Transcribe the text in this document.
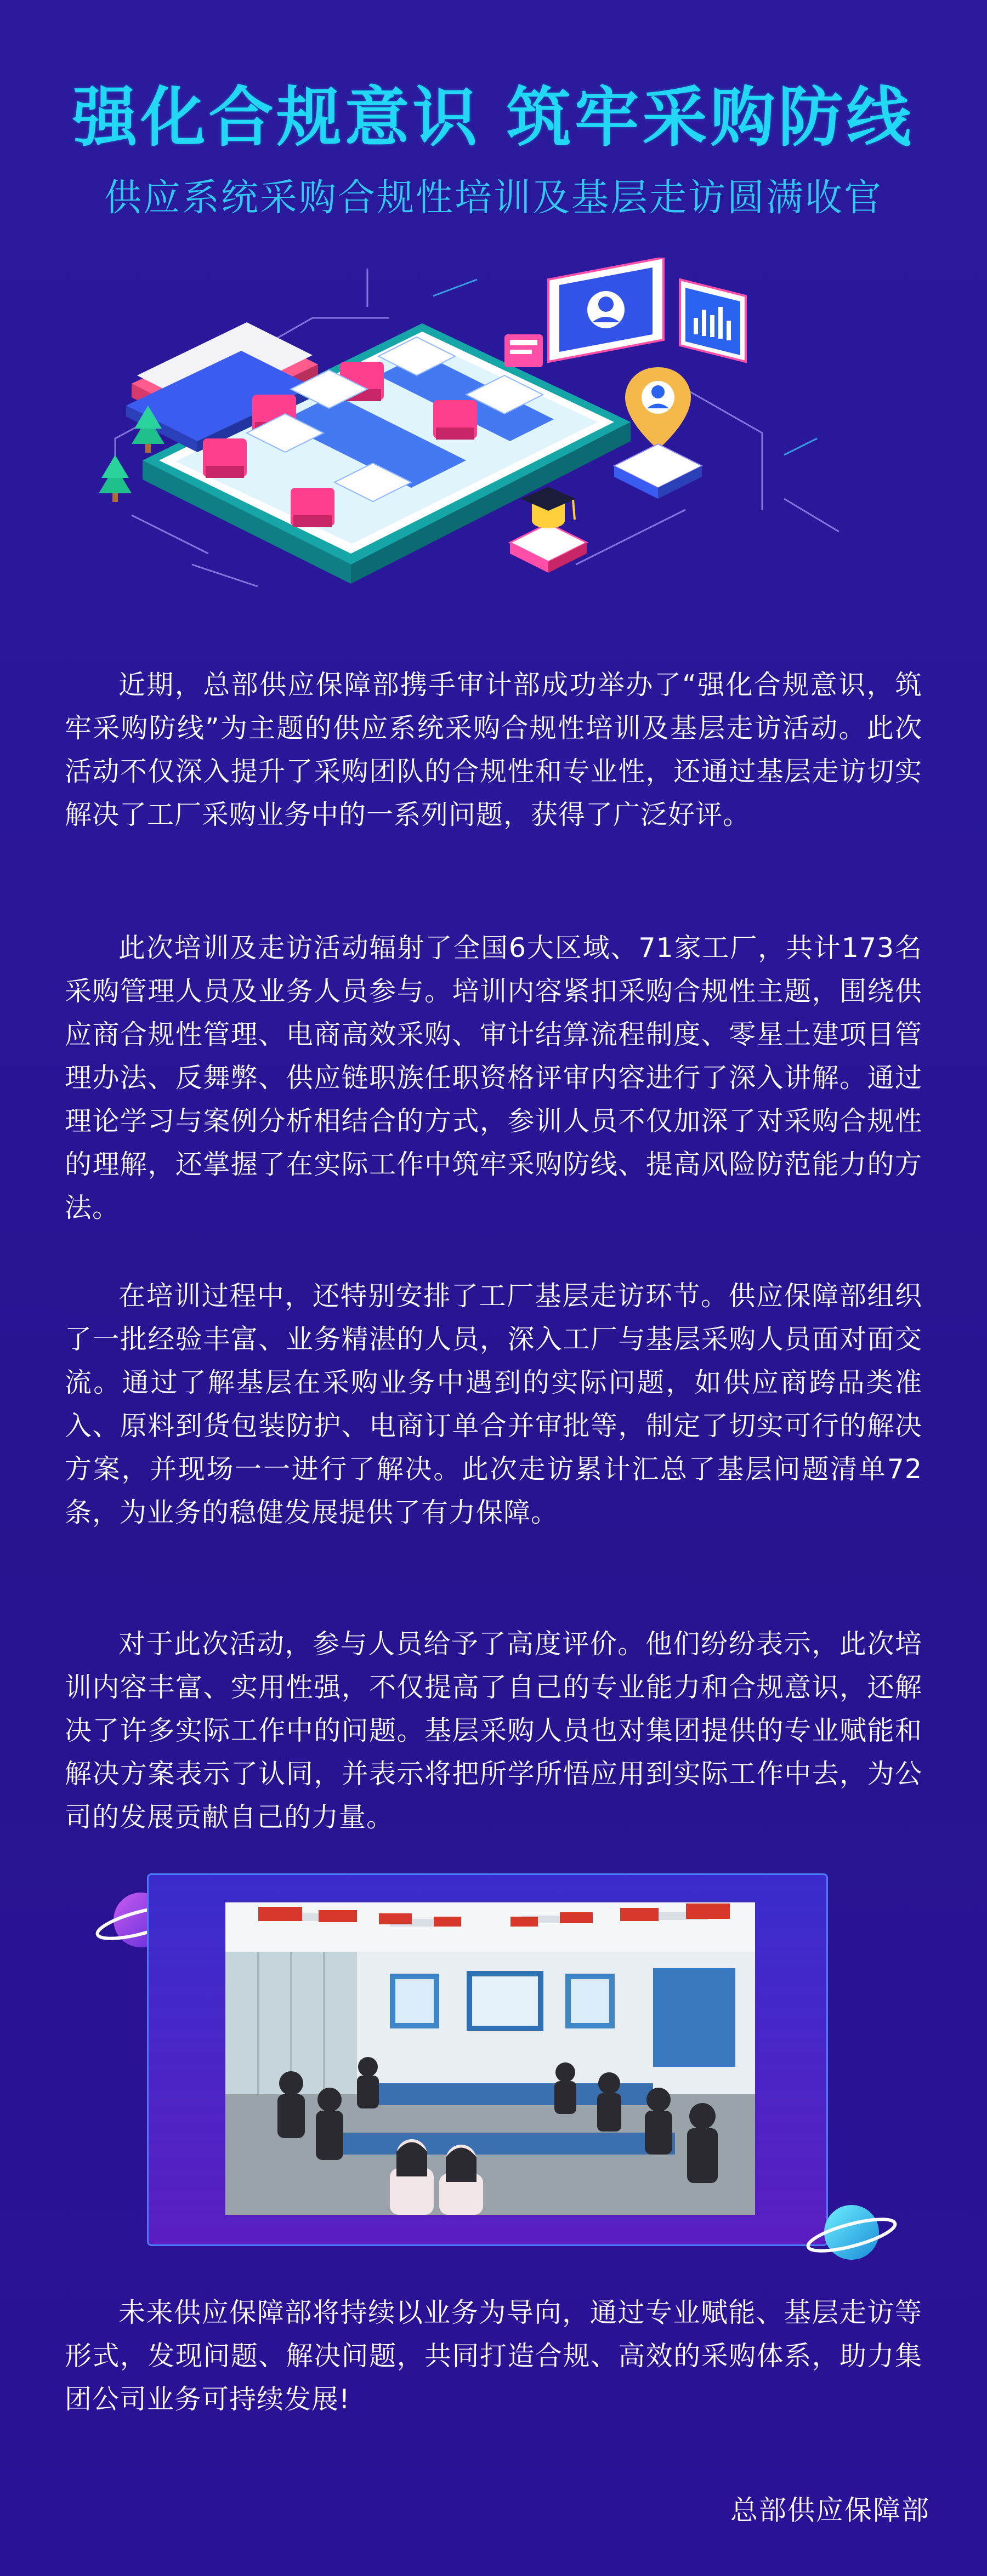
强化合规意识 筑牢采购防线
供应系统采购合规性培训及基层走访圆满收官

近期，总部供应保障部携手审计部成功举办了“强化合规意识，筑牢采购防线”为主题的供应系统采购合规性培训及基层走访活动。此次活动不仅深入提升了采购团队的合规性和专业性，还通过基层走访切实解决了工厂采购业务中的一系列问题，获得了广泛好评。

此次培训及走访活动辐射了全国6大区域、71家工厂，共计173名采购管理人员及业务人员参与。培训内容紧扣采购合规性主题，围绕供应商合规性管理、电商高效采购、审计结算流程制度、零星土建项目管理办法、反舞弊、供应链职族任职资格评审内容进行了深入讲解。通过理论学习与案例分析相结合的方式，参训人员不仅加深了对采购合规性的理解，还掌握了在实际工作中筑牢采购防线、提高风险防范能力的方法。

在培训过程中，还特别安排了工厂基层走访环节。供应保障部组织了一批经验丰富、业务精湛的人员，深入工厂与基层采购人员面对面交流。通过了解基层在采购业务中遇到的实际问题，如供应商跨品类准入、原料到货包装防护、电商订单合并审批等，制定了切实可行的解决方案，并现场一一进行了解决。此次走访累计汇总了基层问题清单72条，为业务的稳健发展提供了有力保障。

对于此次活动，参与人员给予了高度评价。他们纷纷表示，此次培训内容丰富、实用性强，不仅提高了自己的专业能力和合规意识，还解决了许多实际工作中的问题。基层采购人员也对集团提供的专业赋能和解决方案表示了认同，并表示将把所学所悟应用到实际工作中去，为公司的发展贡献自己的力量。

未来供应保障部将持续以业务为导向，通过专业赋能、基层走访等形式，发现问题、解决问题，共同打造合规、高效的采购体系，助力集团公司业务可持续发展!

总部供应保障部
